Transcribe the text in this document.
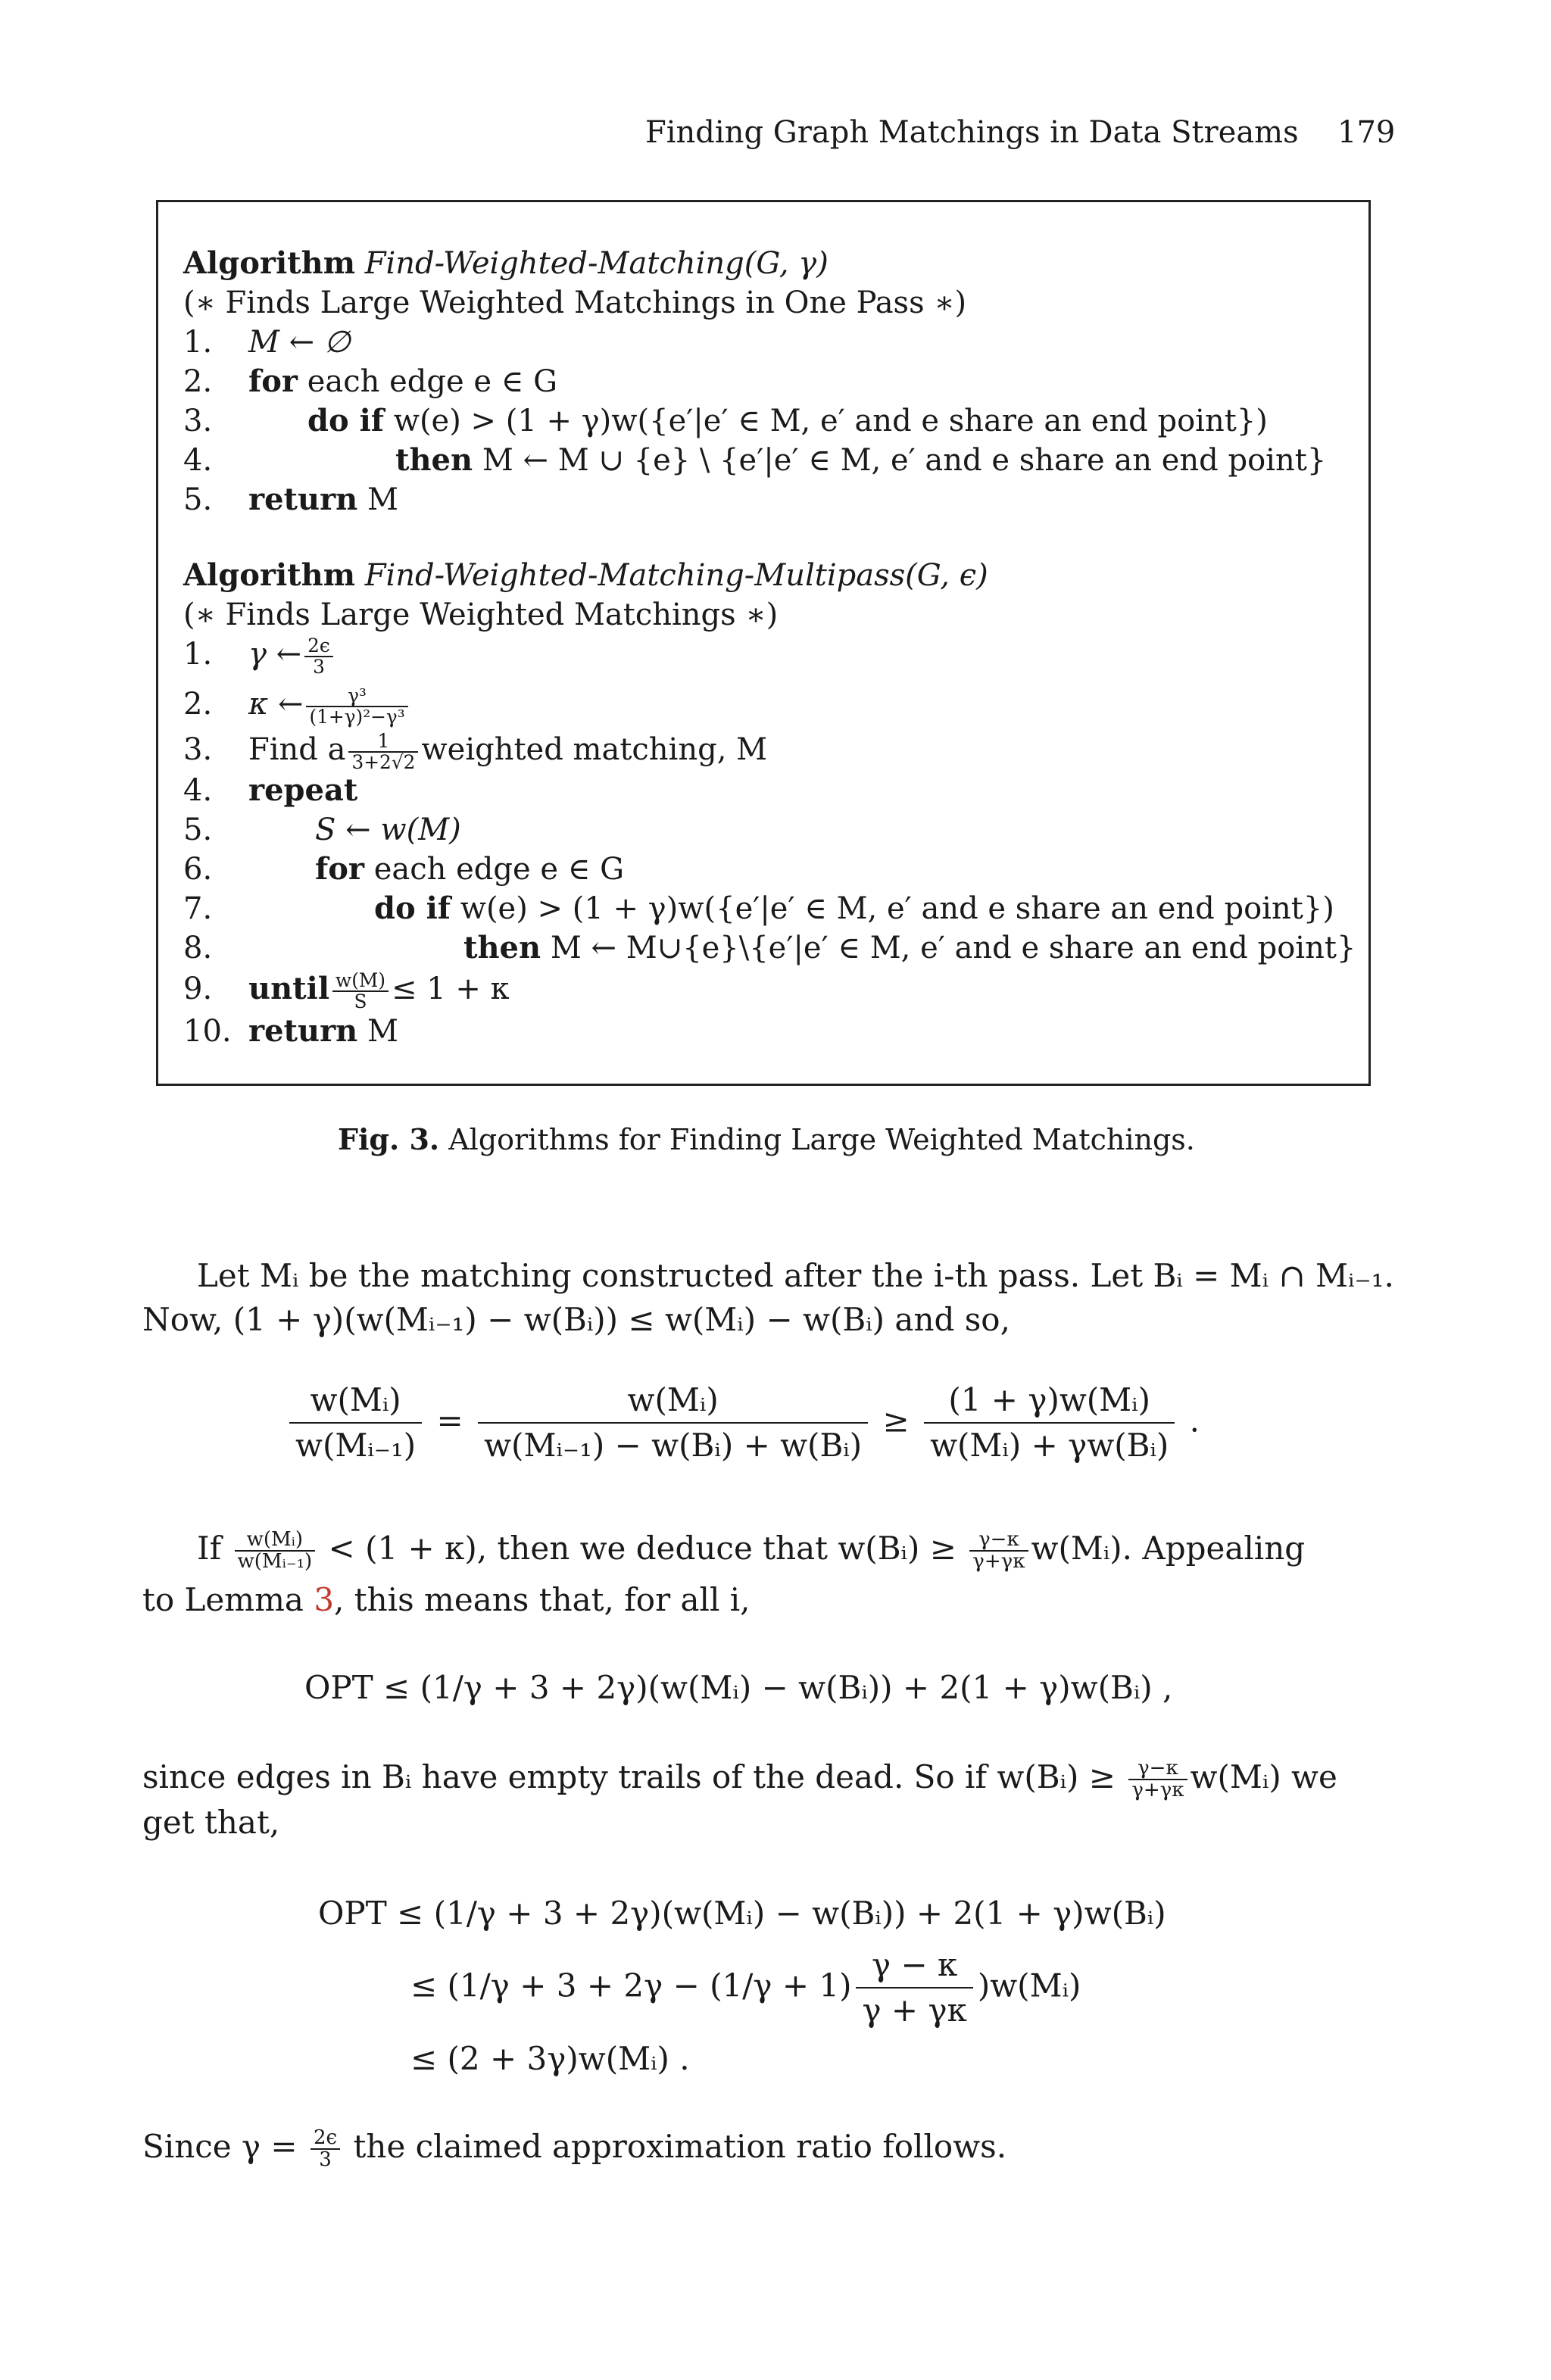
Finding Graph Matchings in Data Streams 179
Algorithm Find-Weighted-Matching(G, γ)
(∗ Finds Large Weighted Matchings in One Pass ∗)
1. M ← ∅
2. for each edge e ∈ G
3.	do if w(e) > (1 + γ)w({e′|e′ ∈ M, e′ and e share an end point})
4.	then M ← M ∪ {e} \ {e′|e′ ∈ M, e′ and e share an end point}
5. return M
Algorithm Find-Weighted-Matching-Multipass(G, ϵ)
(∗ Finds Large Weighted Matchings ∗)
1. γ ← $\frac{2\epsilon}{3}$
2. κ ← $\frac{\text{γ³}}{\text{(1+γ)²−γ³}}$
3. Find a $\frac{1}{3+2√2}$ weighted matching, M
4. repeat
5.	S ← w(M)
6.	for each edge e ∈ G
7.	do if w(e) > (1 + γ)w({e′|e′ ∈ M, e′ and e share an end point})
8.	then M ← M∪{e}\{e′|e′ ∈ M, e′ and e share an end point}
9. until $\frac{w(M)}{S} \le 1 + \kappa$
10. return M
Fig. 3. Algorithms for Finding Large Weighted Matchings.
Let Mᵢ be the matching constructed after the i-th pass. Let Bᵢ = Mᵢ ∩ Mᵢ₋₁.
Now, (1 + γ)(w(Mᵢ₋₁) − w(Bᵢ)) ≤ w(Mᵢ) − w(Bᵢ) and so,
$\frac{\text{w(Mᵢ)}}{\text{w(Mᵢ₋₁)}} = \frac{\text{w(Mᵢ)}}{\text{w(Mᵢ₋₁) − w(Bᵢ) + w(Bᵢ)}} \ge \frac{\text{(1 + γ)w(Mᵢ)}}{\text{w(Mᵢ) + γw(Bᵢ)}}$ .
If $\frac{\text{w(Mᵢ)}}{\text{w(Mᵢ₋₁)}} < (1 + \kappa)$, then we deduce that w(Bᵢ) ≥ $\frac{\gamma-\kappa}{\gamma+\gamma\kappa}$ w(Mᵢ). Appealing
to Lemma 3, this means that, for all i,
OPT ≤ (1/γ + 3 + 2γ)(w(Mᵢ) − w(Bᵢ)) + 2(1 + γ)w(Bᵢ) ,
since edges in Bᵢ have empty trails of the dead. So if w(Bᵢ) ≥ $\frac{\gamma-\kappa}{\gamma+\gamma\kappa}$ w(Mᵢ) we
get that,
OPT ≤ (1/γ + 3 + 2γ)(w(Mᵢ) − w(Bᵢ)) + 2(1 + γ)w(Bᵢ)
≤ ($1/\gamma + 3 + 2\gamma - (1/\gamma + 1) \frac{\gamma - \kappa}{\gamma + \gamma\kappa}$ )w(Mᵢ)
≤ (2 + 3γ)w(Mᵢ) .
Since $\gamma = \frac{2\epsilon}{3}$ the claimed approximation ratio follows.
